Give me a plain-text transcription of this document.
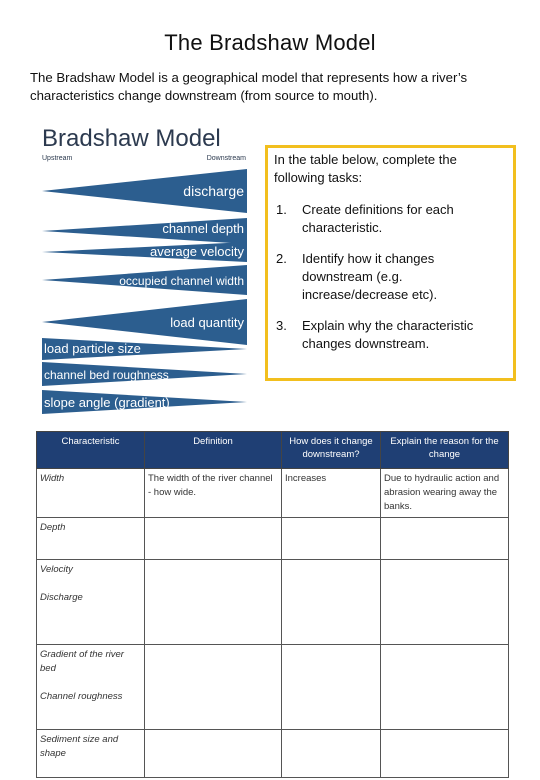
The Bradshaw Model
The Bradshaw Model is a geographical model that represents how a river’s characteristics change downstream (from source to mouth).
Bradshaw Model
Upstream	Downstream
discharge
channel depth
average velocity
occupied channel width
load quantity
load particle size
channel bed roughness
slope angle (gradient)

In the table below, complete the following tasks:

1. Create definitions for each characteristic.
2. Identify how it changes downstream (e.g. increase/decrease etc).
3. Explain why the characteristic changes downstream.
Characteristic	Definition	How does it change downstream?	Explain the reason for the change

Width	The width of the river channel - how wide.	Increases	Due to hydraulic action and abrasion wearing away the banks.

Depth			

Velocity
Discharge			

Gradient of the river bed
Channel roughness			

Sediment size and shape			
